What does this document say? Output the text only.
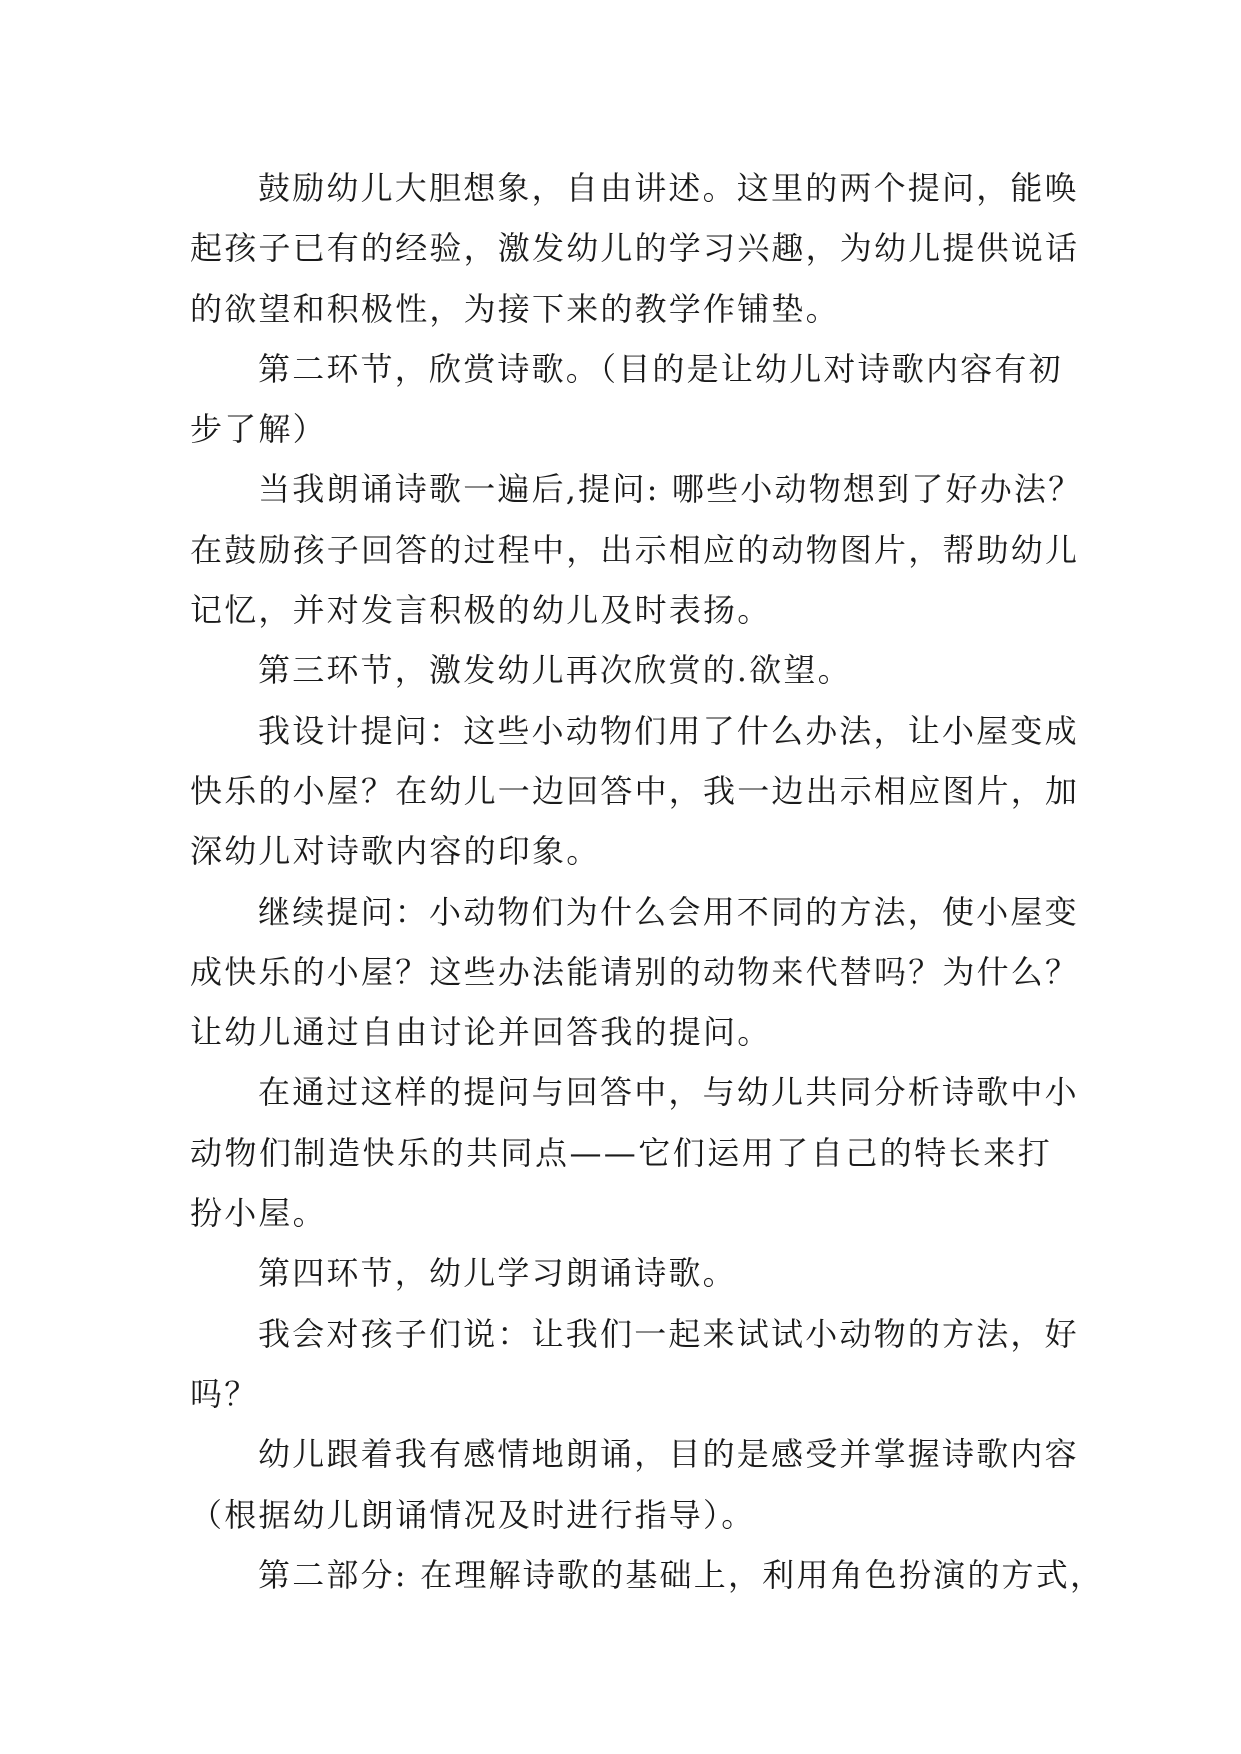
鼓励幼儿大胆想象，自由讲述。这里的两个提问，能唤
起孩子已有的经验，激发幼儿的学习兴趣，为幼儿提供说话
的欲望和积极性，为接下来的教学作铺垫。
第二环节，欣赏诗歌。（目的是让幼儿对诗歌内容有初
步了解）
当我朗诵诗歌一遍后,提问: 哪些小动物想到了好办法？
在鼓励孩子回答的过程中，出示相应的动物图片，帮助幼儿
记忆，并对发言积极的幼儿及时表扬。
第三环节，激发幼儿再次欣赏的.欲望。
我设计提问：这些小动物们用了什么办法，让小屋变成
快乐的小屋？在幼儿一边回答中，我一边出示相应图片，加
深幼儿对诗歌内容的印象。
继续提问：小动物们为什么会用不同的方法，使小屋变
成快乐的小屋？这些办法能请别的动物来代替吗？为什么？
让幼儿通过自由讨论并回答我的提问。
在通过这样的提问与回答中，与幼儿共同分析诗歌中小
动物们制造快乐的共同点——它们运用了自己的特长来打
扮小屋。
第四环节，幼儿学习朗诵诗歌。
我会对孩子们说：让我们一起来试试小动物的方法，好
吗？
幼儿跟着我有感情地朗诵，目的是感受并掌握诗歌内容
（根据幼儿朗诵情况及时进行指导）。
第二部分: 在理解诗歌的基础上，利用角色扮演的方式，
